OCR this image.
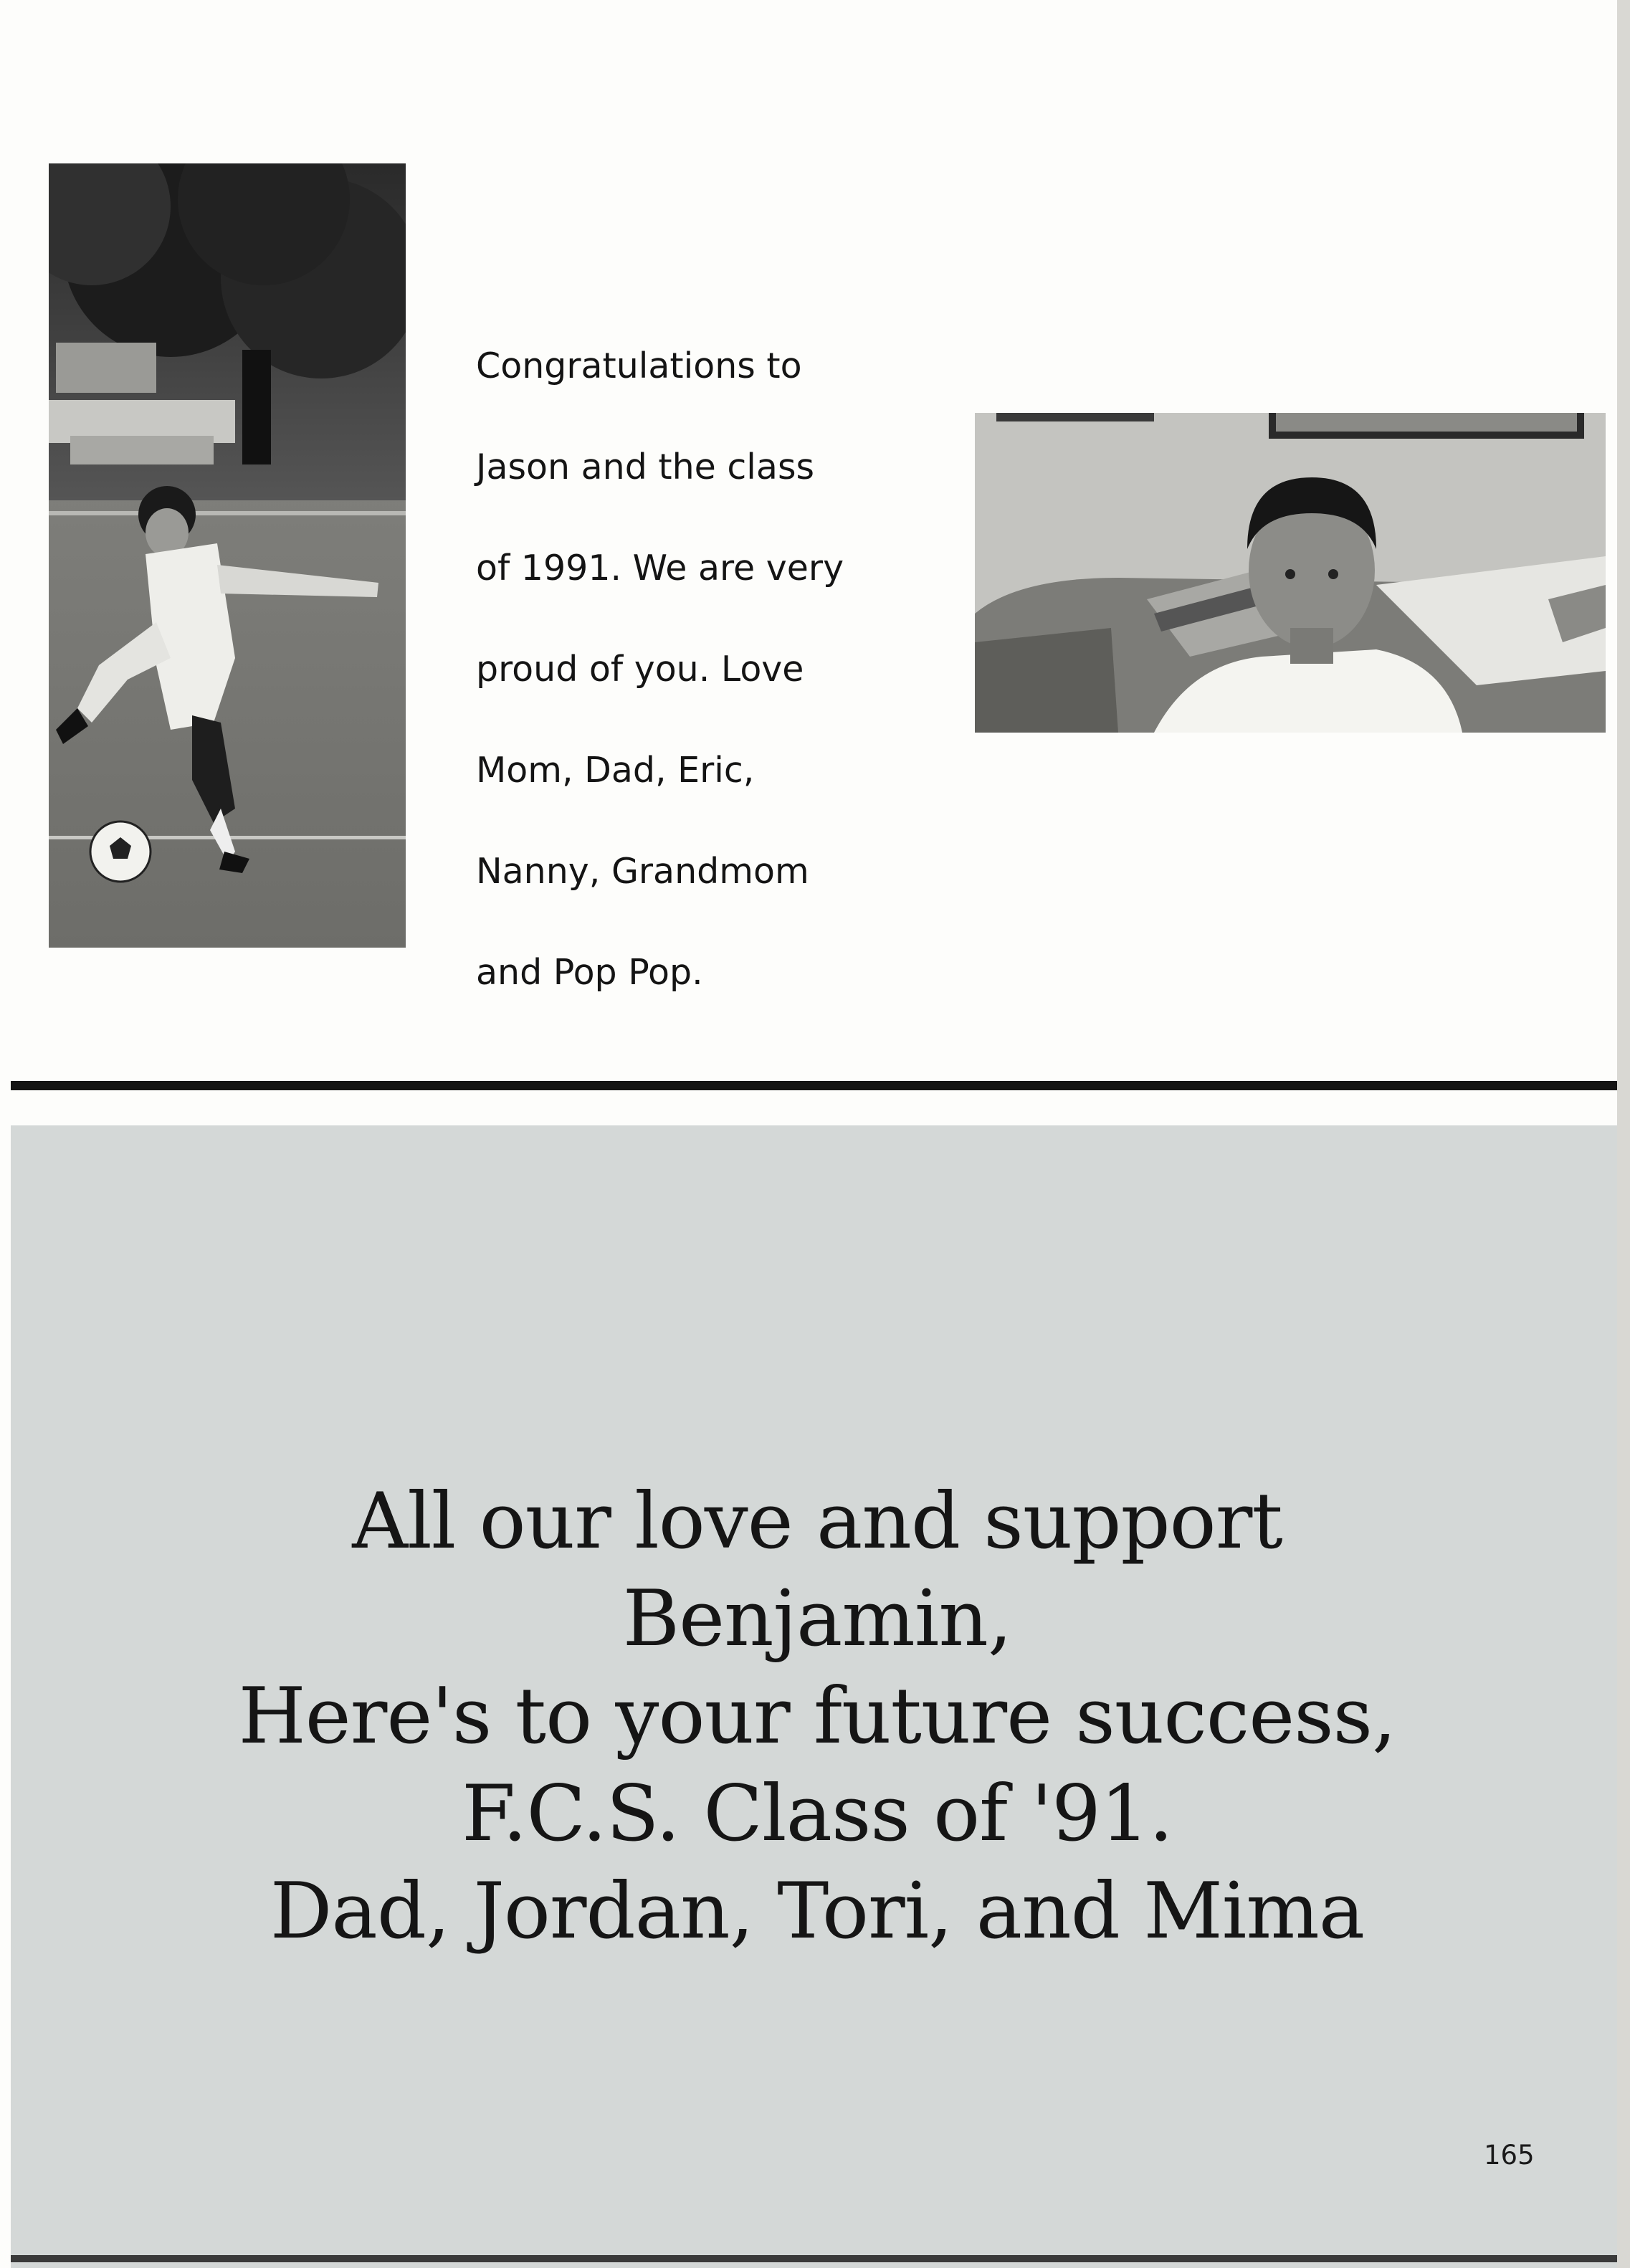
Congratulations to

Jason and the class

of 1991. We are very

proud of you. Love

Mom, Dad, Eric,

Nanny, Grandmom

and Pop Pop.

All our love and support
Benjamin,
Here's to your future success,
F.C.S. Class of '91.
Dad, Jordan, Tori, and Mima
165
